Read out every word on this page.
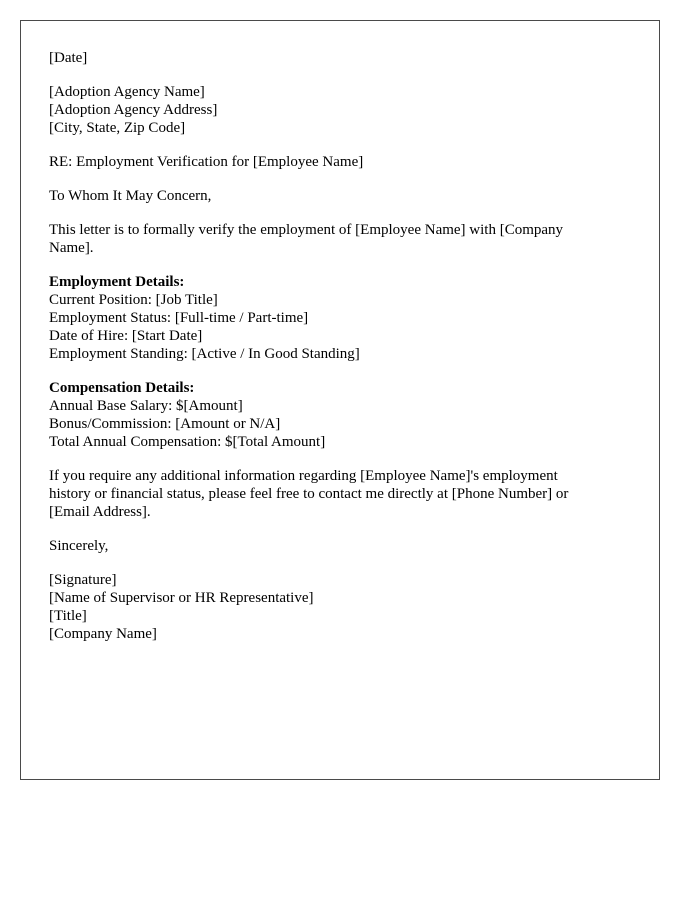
[Date]
[Adoption Agency Name]
[Adoption Agency Address]
[City, State, Zip Code]
RE: Employment Verification for [Employee Name]
To Whom It May Concern,
This letter is to formally verify the employment of [Employee Name] with [Company
Name].
Employment Details:
Current Position: [Job Title]
Employment Status: [Full-time / Part-time]
Date of Hire: [Start Date]
Employment Standing: [Active / In Good Standing]
Compensation Details:
Annual Base Salary: $[Amount]
Bonus/Commission: [Amount or N/A]
Total Annual Compensation: $[Total Amount]
If you require any additional information regarding [Employee Name]'s employment
history or financial status, please feel free to contact me directly at [Phone Number] or
[Email Address].
Sincerely,
[Signature]
[Name of Supervisor or HR Representative]
[Title]
[Company Name]
